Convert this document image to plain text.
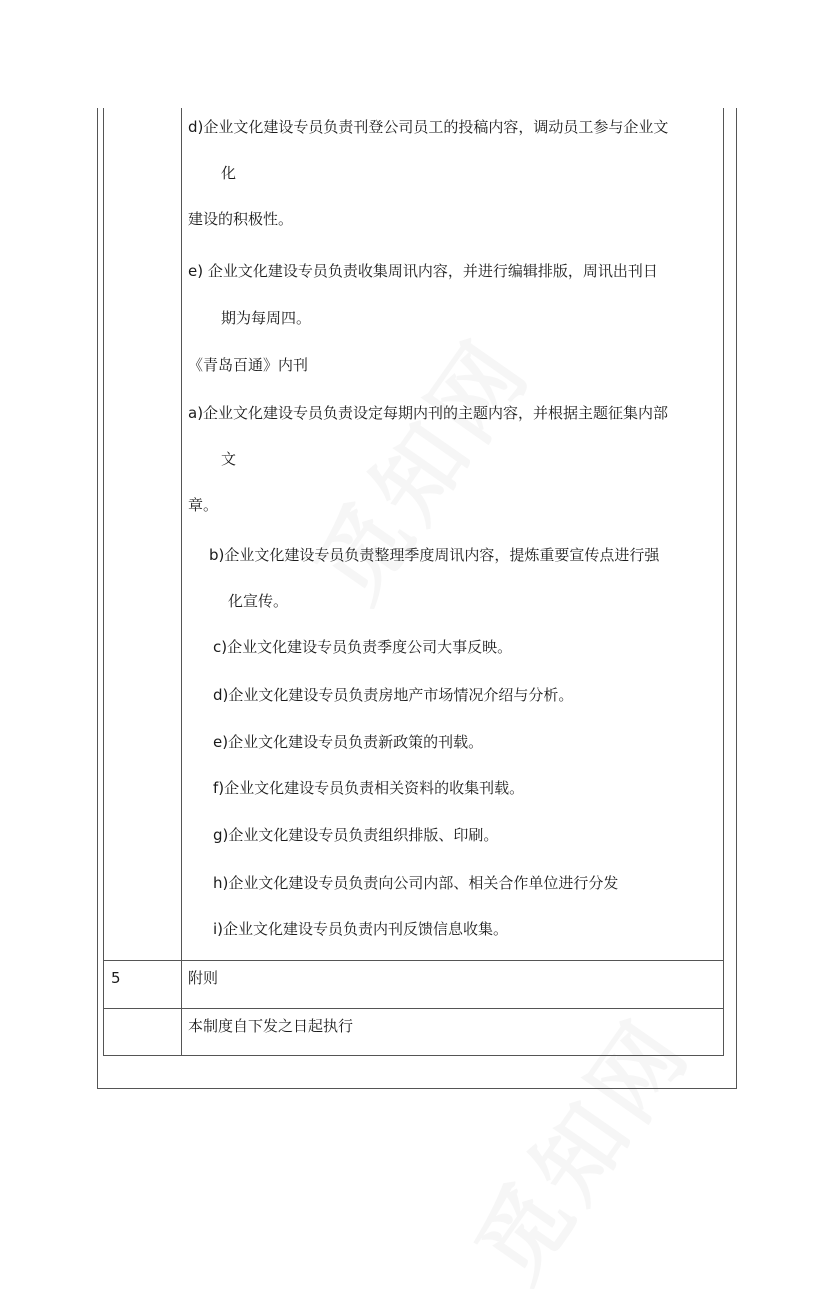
d)企业文化建设专员负责刊登公司员工的投稿内容，调动员工参与企业文
化
建设的积极性。
e) 企业文化建设专员负责收集周讯内容，并进行编辑排版，周讯出刊日
期为每周四。
《青岛百通》内刊
a)企业文化建设专员负责设定每期内刊的主题内容，并根据主题征集内部
文
章。
b)企业文化建设专员负责整理季度周讯内容，提炼重要宣传点进行强
化宣传。
c)企业文化建设专员负责季度公司大事反映。
d)企业文化建设专员负责房地产市场情况介绍与分析。
e)企业文化建设专员负责新政策的刊载。
f)企业文化建设专员负责相关资料的收集刊载。
g)企业文化建设专员负责组织排版、印刷。
h)企业文化建设专员负责向公司内部、相关合作单位进行分发
i)企业文化建设专员负责内刊反馈信息收集。
5	附则
本制度自下发之日起执行
